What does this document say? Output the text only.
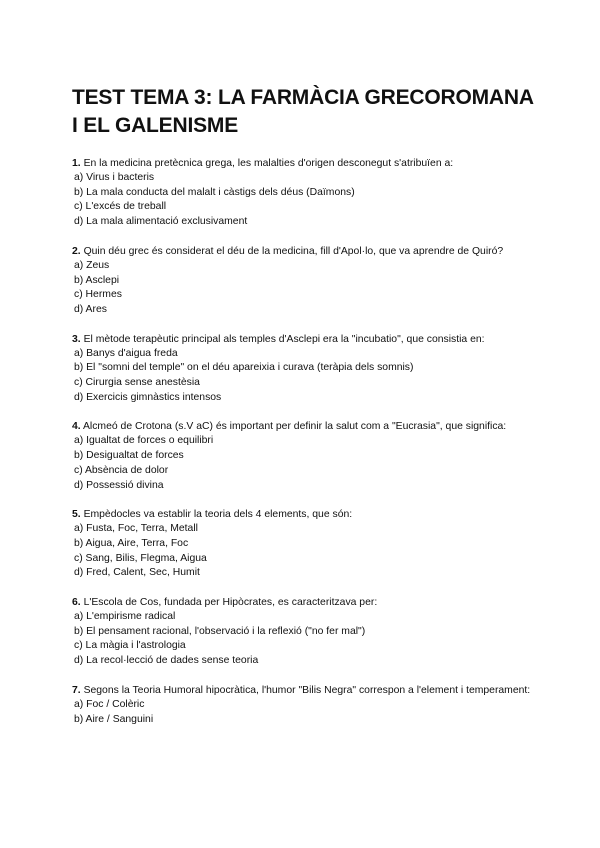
TEST TEMA 3: LA FARMÀCIA GRECOROMANA
I EL GALENISME

1. En la medicina pretècnica grega, les malalties d'origen desconegut s'atribuïen a:

a) Virus i bacteris
b) La mala conducta del malalt i càstigs dels déus (Daïmons)
c) L'excés de treball
d) La mala alimentació exclusivament

2. Quin déu grec és considerat el déu de la medicina, fill d'Apol·lo, que va aprendre de Quiró?

a) Zeus
b) Asclepi
c) Hermes
d) Ares

3. El mètode terapèutic principal als temples d'Asclepi era la "incubatio", que consistia en:

a) Banys d'aigua freda
b) El "somni del temple" on el déu apareixia i curava (teràpia dels somnis)
c) Cirurgia sense anestèsia
d) Exercicis gimnàstics intensos

4. Alcmeó de Crotona (s.V aC) és important per definir la salut com a "Eucrasia", que significa:

a) Igualtat de forces o equilibri
b) Desigualtat de forces
c) Absència de dolor
d) Possessió divina

5. Empèdocles va establir la teoria dels 4 elements, que són:

a) Fusta, Foc, Terra, Metall
b) Aigua, Aire, Terra, Foc
c) Sang, Bilis, Flegma, Aigua
d) Fred, Calent, Sec, Humit

6. L'Escola de Cos, fundada per Hipòcrates, es caracteritzava per:

a) L'empirisme radical
b) El pensament racional, l'observació i la reflexió ("no fer mal")
c) La màgia i l'astrologia
d) La recol·lecció de dades sense teoria

7. Segons la Teoria Humoral hipocràtica, l'humor "Bilis Negra" correspon a l'element i temperament:

a) Foc / Colèric
b) Aire / Sanguini
